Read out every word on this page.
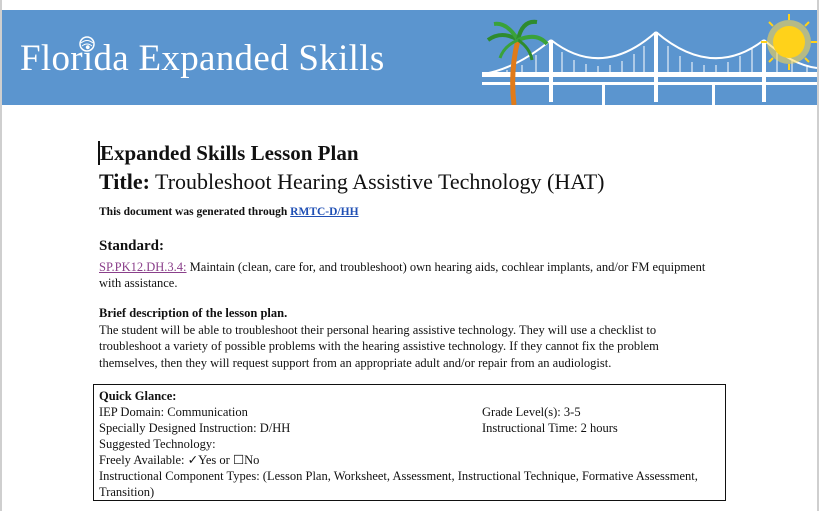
Florida Expanded Skills
Expanded Skills Lesson Plan
Title: Troubleshoot Hearing Assistive Technology (HAT)
This document was generated through RMTC-D/HH
Standard:
SP.PK12.DH.3.4: Maintain (clean, care for, and troubleshoot) own hearing aids, cochlear implants, and/or FM equipment with assistance.
Brief description of the lesson plan.
The student will be able to troubleshoot their personal hearing assistive technology. They will use a checklist to troubleshoot a variety of possible problems with the hearing assistive technology. If they cannot fix the problem themselves, then they will request support from an appropriate adult and/or repair from an audiologist.
Quick Glance:
IEP Domain: Communication	Grade Level(s): 3-5
Specially Designed Instruction: D/HH	Instructional Time: 2 hours
Suggested Technology:
Freely Available: ✓Yes or ☐No
Instructional Component Types: (Lesson Plan, Worksheet, Assessment, Instructional Technique, Formative Assessment, Transition)
